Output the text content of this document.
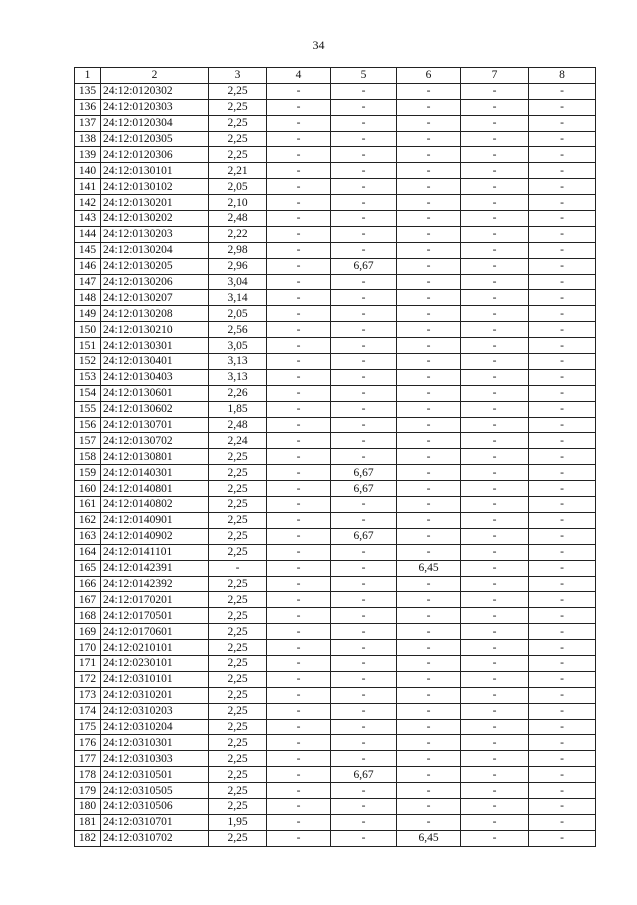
34
1	2	3	4	5	6	7	8
135	24:12:0120302	2,25	-	-	-	-	-
136	24:12:0120303	2,25	-	-	-	-	-
137	24:12:0120304	2,25	-	-	-	-	-
138	24:12:0120305	2,25	-	-	-	-	-
139	24:12:0120306	2,25	-	-	-	-	-
140	24:12:0130101	2,21	-	-	-	-	-
141	24:12:0130102	2,05	-	-	-	-	-
142	24:12:0130201	2,10	-	-	-	-	-
143	24:12:0130202	2,48	-	-	-	-	-
144	24:12:0130203	2,22	-	-	-	-	-
145	24:12:0130204	2,98	-	-	-	-	-
146	24:12:0130205	2,96	-	6,67	-	-	-
147	24:12:0130206	3,04	-	-	-	-	-
148	24:12:0130207	3,14	-	-	-	-	-
149	24:12:0130208	2,05	-	-	-	-	-
150	24:12:0130210	2,56	-	-	-	-	-
151	24:12:0130301	3,05	-	-	-	-	-
152	24:12:0130401	3,13	-	-	-	-	-
153	24:12:0130403	3,13	-	-	-	-	-
154	24:12:0130601	2,26	-	-	-	-	-
155	24:12:0130602	1,85	-	-	-	-	-
156	24:12:0130701	2,48	-	-	-	-	-
157	24:12:0130702	2,24	-	-	-	-	-
158	24:12:0130801	2,25	-	-	-	-	-
159	24:12:0140301	2,25	-	6,67	-	-	-
160	24:12:0140801	2,25	-	6,67	-	-	-
161	24:12:0140802	2,25	-	-	-	-	-
162	24:12:0140901	2,25	-	-	-	-	-
163	24:12:0140902	2,25	-	6,67	-	-	-
164	24:12:0141101	2,25	-	-	-	-	-
165	24:12:0142391	-	-	-	6,45	-	-
166	24:12:0142392	2,25	-	-	-	-	-
167	24:12:0170201	2,25	-	-	-	-	-
168	24:12:0170501	2,25	-	-	-	-	-
169	24:12:0170601	2,25	-	-	-	-	-
170	24:12:0210101	2,25	-	-	-	-	-
171	24:12:0230101	2,25	-	-	-	-	-
172	24:12:0310101	2,25	-	-	-	-	-
173	24:12:0310201	2,25	-	-	-	-	-
174	24:12:0310203	2,25	-	-	-	-	-
175	24:12:0310204	2,25	-	-	-	-	-
176	24:12:0310301	2,25	-	-	-	-	-
177	24:12:0310303	2,25	-	-	-	-	-
178	24:12:0310501	2,25	-	6,67	-	-	-
179	24:12:0310505	2,25	-	-	-	-	-
180	24:12:0310506	2,25	-	-	-	-	-
181	24:12:0310701	1,95	-	-	-	-	-
182	24:12:0310702	2,25	-	-	6,45	-	-
